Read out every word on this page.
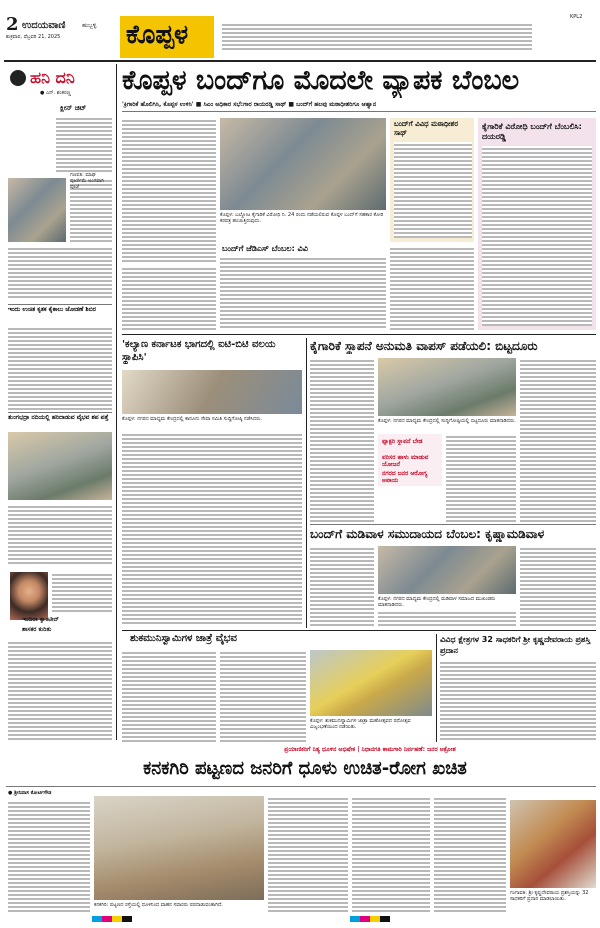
2 ಉದಯವಾಣಿ	ಹುಬ್ಬಳ್ಳಿ
ಶುಕ್ರವಾರ, ಫೆಬ್ರವರಿ 21, 2025	ಕೊಪ್ಪಳ
KPL2
ಹನಿ ದನಿ
● ಎನ್. ಶಂಕರಣ್ಣ
ಕ್ಲೀನ್ ಚಿಟ್
ಗಣಪತಿ: ಮಾಘ ಪೂರ್ಣಿಮೆ ಅಂಗವಾಗಿ ಪೂಜೆ
ಇಂದು ಉಚಿತ ಕೃತಕ ಕೈಕಾಲು ಜೋಡಣೆ ಶಿಬಿರ
ತುಂಗಭದ್ರಾ ನದಿಯಲ್ಲಿ ಹರಿದಾಡುವ ವೈಭವ ಶಪ ಪತ್ತೆ
ಇಂದಿರಾ ಕ್ಯಾಂಟೀನ್
ಶಾಸಕರ ಕುರಿತು
ಕೊಪ್ಪಳ ಬಂದ್‌ಗೂ ಮೊದಲೇ ವ್ಯಾಪಕ ಬೆಂಬಲ
'ಕ್ರಿಗಾರಿಕೆ ಹೊಲಿಗಿಸಿ, ಕೊಪ್ಪಳ ಉಳಿಸಿ' ■ ಸಿಎಂ ಅಧಿಕಾರ ಸಭೆ:ಗಾರ ರಾಯರಡ್ಡಿ ಸಾಥ್ ■ ಬಂದ್‌ಗೆ ಹಲವು ಮಠಾಧೀಶರಿಗೂ ಆಹ್ವಾನ
ಕೊಪ್ಪಳ: ಬಲ್ದೋಟ ಕೈಗಾರಿಕೆ ವಿರೋಧಿ ನಿ. 24 ರಂದು ನಡೆಯಲಿರುವ ಕೊಪ್ಪಳ ಬಂದ್‌ಗೆ ಸಹಕಾರ ಕೋರಿ ಕರಪತ್ರ ಹಂಚುತ್ತಿರುವುದು.
ಬಂದ್‌ಗೆ ವಿವಿಧ ಮಠಾಧೀಶರ ಸಾಥ್
ಕೈಗಾರಿಕೆ ವಿರೋಧಿ ಬಂದ್‌ಗೆ ಬೆಂಬಲಿಸಿ: ದಯರಡ್ಡಿ
ಬಂದ್‌ಗೆ ಜೆಡಿಎಸ್ ಬೆಂಬಲ: ವಿವಿ
'ಕಲ್ಯಾಣ ಕರ್ನಾಟಕ ಭಾಗದಲ್ಲಿ ಐಟಿ-ಬಿಟಿ ವಲಯ ಸ್ಥಾಪಿಸಿ'
ಕೊಪ್ಪಳ: ನಗರದ ಮಾಧ್ಯಮ ಕೇಂದ್ರದಲ್ಲಿ ಕಾನೂನು ಸೇವಾ ಸಮಿತಿ ಸುದ್ದಿಗೋಷ್ಠಿ ನಡೆಸಿದರು.
ಕೈಗಾರಿಕೆ ಸ್ಥಾಪನೆ ಅನುಮತಿ ವಾಪಸ್ ಪಡೆಯಲಿ: ಬಿಟ್ಟದೂರು
ಕೊಪ್ಪಳ: ನಗರದ ಮಾಧ್ಯಮ ಕೇಂದ್ರದಲ್ಲಿ ಸುದ್ದಿಗೋಷ್ಠಿಯಲ್ಲಿ ಬಿಟ್ಟದೂರು ಮಾತನಾಡಿದರು.
ಫ್ಯಾಕ್ಟರಿ ಸ್ಥಾಪನೆ ಬೇಡ
ಪರಿಸರ ಹಾಳು ಮಾಡುವ ಯೋಜನೆ
ನಗರದ ಜನರ ಆರೋಗ್ಯ ಅಪಾಯ
ಬಂದ್‌ಗೆ ಮಡಿವಾಳ ಸಮುದಾಯದ ಬೆಂಬಲ: ಕೃಷ್ಣಾಮಡಿವಾಳ
ಕೊಪ್ಪಳ: ನಗರದ ಮಾಧ್ಯಮ ಕೇಂದ್ರದಲ್ಲಿ ಮಡಿವಾಳ ಸಮಾಜದ ಮುಖಂಡರು ಮಾತನಾಡಿದರು.
ಶುಕಮುನಿಸ್ವಾಮಿಗಳ ಜಾತ್ರೆ ವೈಭವ
ಕೊಪ್ಪಳ: ಶುಕಮುನಿಸ್ವಾಮಿಗಳ ಜಾತ್ರಾ ಮಹೋತ್ಸವದ ರಥೋತ್ಸವ ವಿಜೃಂಭಣೆಯಿಂದ ನಡೆಯಿತು.
ವಿವಿಧ ಕ್ಷೇತ್ರಗಳ 32 ಸಾಧಕರಿಗೆ ಶ್ರೀ ಕೃಷ್ಣದೇವರಾಯ ಪ್ರಶಸ್ತಿ ಪ್ರದಾನ
ಪ್ರಯಾಣಿಕರಿಗೆ ನಿತ್ಯ ಧೂಳಿನ ಅಭಿಷೇಕ | ನಿಧಾನಗತಿ ಕಾಮಗಾರಿ ನಿರ್ವಹಣೆ: ಜನರ ಆಕ್ರೋಶ
ಕನಕಗಿರಿ ಪಟ್ಟಣದ ಜನರಿಗೆ ಧೂಳು ಉಚಿತ-ರೋಗ ಖಚಿತ
● ಶ್ರೀನಿವಾಸ ಕೋರ್ಟಿಗೌಡ
ಕನಕಗಿರಿ: ಪಟ್ಟಣದ ರಸ್ತೆಯಲ್ಲಿ ಧೂಳಿನಿಂದ ವಾಹನ ಸವಾರರು ಪರದಾಡುವಂತಾಗಿದೆ.
ಗಂಗಾವತಿ: ಶ್ರೀ ಕೃಷ್ಣದೇವರಾಯ ಪ್ರಶಸ್ತಿಯನ್ನು 32 ಸಾಧಕರಿಗೆ ಪ್ರದಾನ ಮಾಡಲಾಯಿತು.
